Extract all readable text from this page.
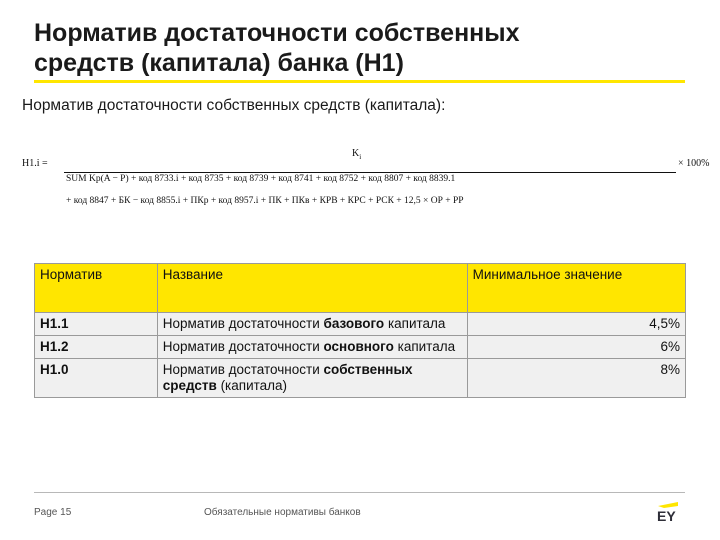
Норматив достаточности собственных
средств (капитала) банка (Н1)
Норматив достаточности собственных средств (капитала):
Н1.i =
$K_i$
× 100%
SUM Kp(A − P) + код 8733.i + код 8735 + код 8739 + код 8741 + код 8752 + код 8807 + код 8839.1
+ код 8847 + БК − код 8855.i + ПКр + код 8957.i + ПК + ПКв + КРВ + КРС + РСК + 12,5 × ОР + РР
Норматив	Название	Минимальное значение
Н1.1	Норматив достаточности базового капитала	4,5%
Н1.2	Норматив достаточности основного капитала	6%
Н1.0	Норматив достаточности собственных средств (капитала)	8%
Page 15	Обязательные нормативы банков	EY
